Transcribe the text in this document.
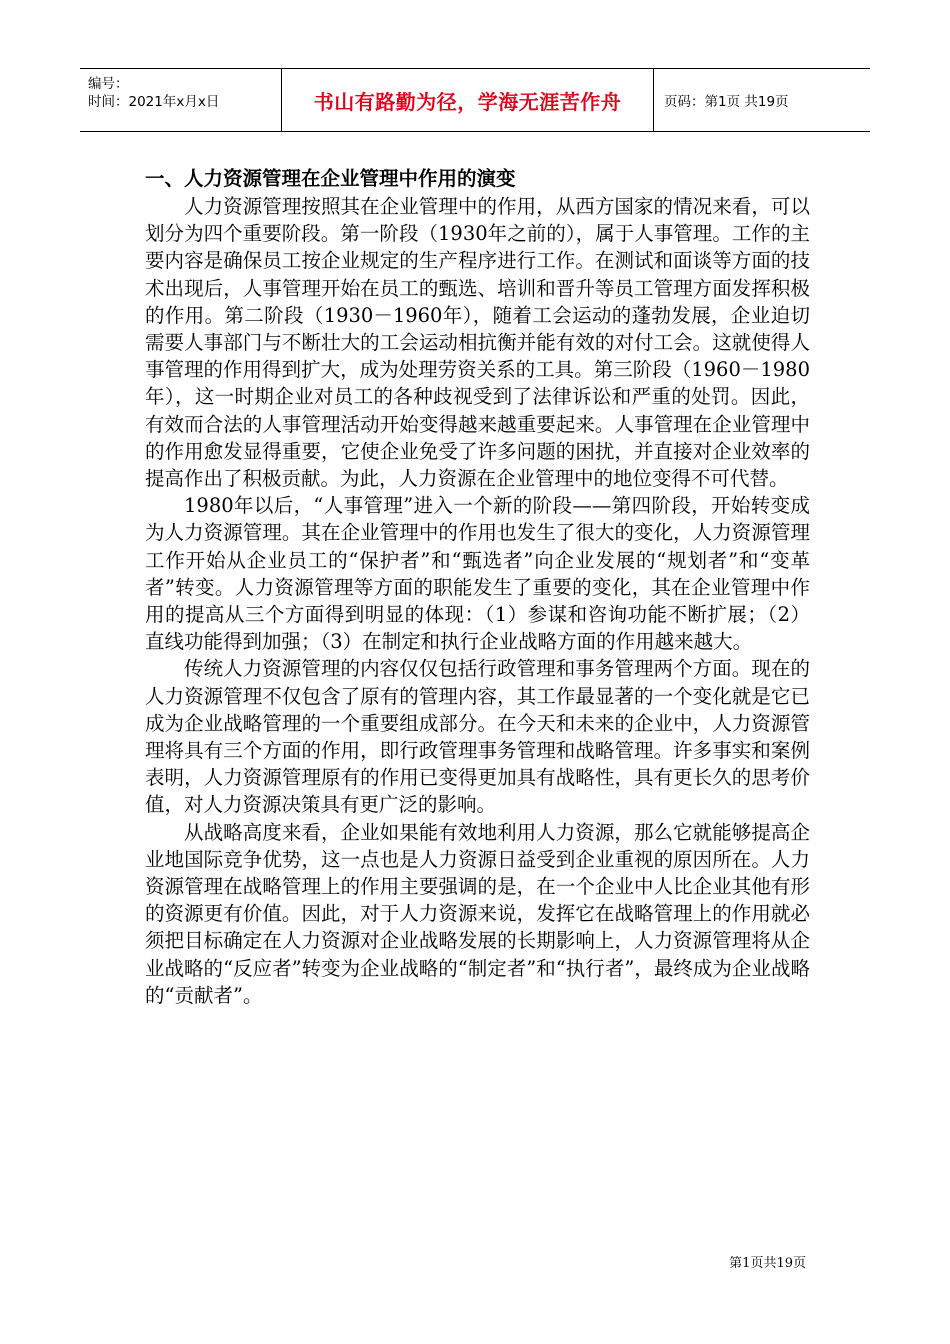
编号：
时间：2021年x月x日	书山有路勤为径，学海无涯苦作舟	页码：第1页 共19页
一、人力资源管理在企业管理中作用的演变

人力资源管理按照其在企业管理中的作用，从西方国家的情况来看，可以划分为四个重要阶段。第一阶段（1930年之前的），属于人事管理。工作的主要内容是确保员工按企业规定的生产程序进行工作。在测试和面谈等方面的技术出现后，人事管理开始在员工的甄选、培训和晋升等员工管理方面发挥积极的作用。第二阶段（1930－1960年），随着工会运动的蓬勃发展，企业迫切需要人事部门与不断壮大的工会运动相抗衡并能有效的对付工会。这就使得人事管理的作用得到扩大，成为处理劳资关系的工具。第三阶段（1960－1980年），这一时期企业对员工的各种歧视受到了法律诉讼和严重的处罚。因此，有效而合法的人事管理活动开始变得越来越重要起来。人事管理在企业管理中的作用愈发显得重要，它使企业免受了许多问题的困扰，并直接对企业效率的提高作出了积极贡献。为此，人力资源在企业管理中的地位变得不可代替。

1980年以后，“人事管理”进入一个新的阶段——第四阶段，开始转变成为人力资源管理。其在企业管理中的作用也发生了很大的变化，人力资源管理工作开始从企业员工的“保护者”和“甄选者”向企业发展的“规划者”和“变革者”转变。人力资源管理等方面的职能发生了重要的变化，其在企业管理中作用的提高从三个方面得到明显的体现：（1）参谋和咨询功能不断扩展；（2）直线功能得到加强；（3）在制定和执行企业战略方面的作用越来越大。

传统人力资源管理的内容仅仅包括行政管理和事务管理两个方面。现在的人力资源管理不仅包含了原有的管理内容，其工作最显著的一个变化就是它已成为企业战略管理的一个重要组成部分。在今天和未来的企业中，人力资源管理将具有三个方面的作用，即行政管理事务管理和战略管理。许多事实和案例表明，人力资源管理原有的作用已变得更加具有战略性，具有更长久的思考价值，对人力资源决策具有更广泛的影响。

从战略高度来看，企业如果能有效地利用人力资源，那么它就能够提高企业地国际竞争优势，这一点也是人力资源日益受到企业重视的原因所在。人力资源管理在战略管理上的作用主要强调的是，在一个企业中人比企业其他有形的资源更有价值。因此，对于人力资源来说，发挥它在战略管理上的作用就必须把目标确定在人力资源对企业战略发展的长期影响上，人力资源管理将从企业战略的“反应者”转变为企业战略的“制定者”和“执行者”，最终成为企业战略的“贡献者”。

第1页共19页
